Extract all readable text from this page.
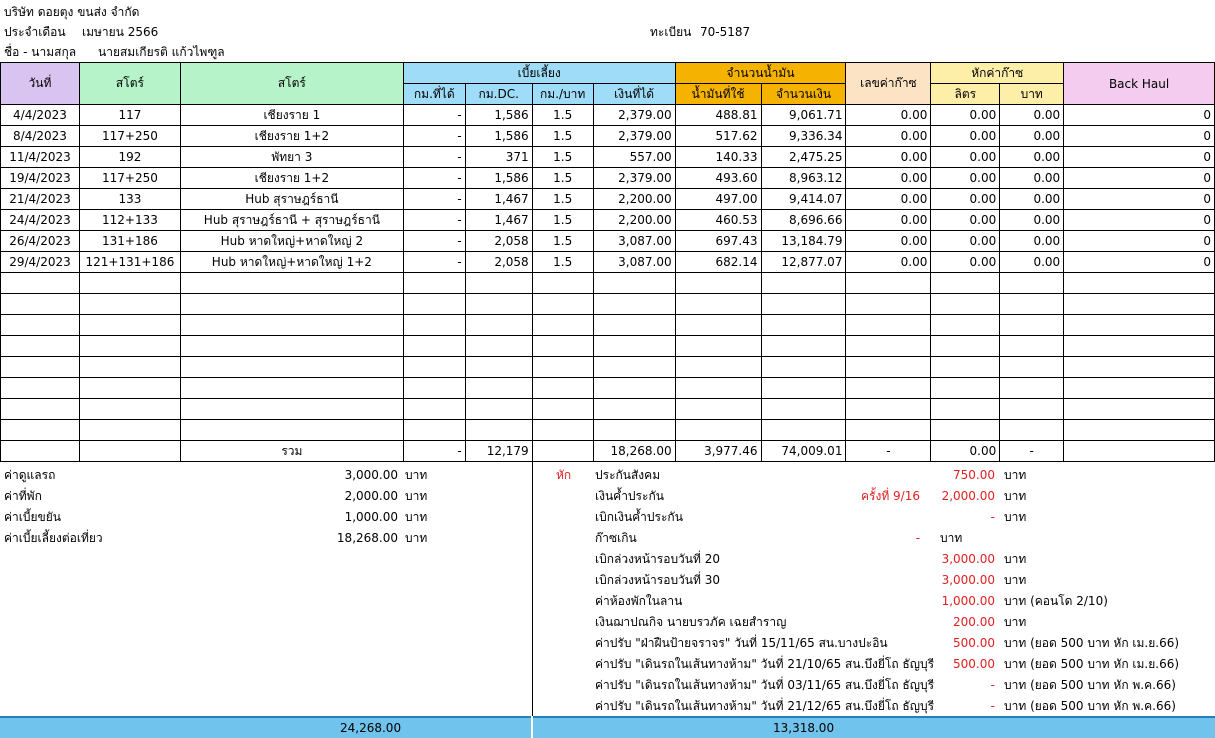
บริษัท ดอยตุง ขนส่ง จำกัด
ประจำเดือน เมษายน 2566	ทะเบียน 70-5187
ชื่อ - นามสกุล นายสมเกียรติ แก้วไพฑูล
วันที่	สโตร์	สโตร์	เบี้ยเลี้ยง				จำนวนน้ำมัน		เลขค่าก๊าซ	หักค่าก๊าซ		Back Haul
			กม.ที่ได้	กม.DC.	กม./บาท	เงินที่ได้	น้ำมันที่ใช้	จำนวนเงิน		ลิตร	บาท	
4/4/2023	117	เชียงราย 1	-	1,586	1.5	2,379.00	488.81	9,061.71	0.00	0.00	0.00	0
8/4/2023	117+250	เชียงราย 1+2	-	1,586	1.5	2,379.00	517.62	9,336.34	0.00	0.00	0.00	0
11/4/2023	192	พัทยา 3	-	371	1.5	557.00	140.33	2,475.25	0.00	0.00	0.00	0
19/4/2023	117+250	เชียงราย 1+2	-	1,586	1.5	2,379.00	493.60	8,963.12	0.00	0.00	0.00	0
21/4/2023	133	Hub สุราษฎร์ธานี	-	1,467	1.5	2,200.00	497.00	9,414.07	0.00	0.00	0.00	0
24/4/2023	112+133	Hub สุราษฎร์ธานี + สุราษฎร์ธานี	-	1,467	1.5	2,200.00	460.53	8,696.66	0.00	0.00	0.00	0
26/4/2023	131+186	Hub หาดใหญ่+หาดใหญ่ 2	-	2,058	1.5	3,087.00	697.43	13,184.79	0.00	0.00	0.00	0
29/4/2023	121+131+186	Hub หาดใหญ่+หาดใหญ่ 1+2	-	2,058	1.5	3,087.00	682.14	12,877.07	0.00	0.00	0.00	0

		รวม	-	12,179		18,268.00	3,977.46	74,009.01	-	0.00	-	
ค่าดูแลรถ	3,000.00 บาท
ค่าที่พัก	2,000.00 บาท
ค่าเบี้ยขยัน	1,000.00 บาท
ค่าเบี้ยเลี้ยงต่อเที่ยว	18,268.00 บาท
หัก ประกันสังคม	750.00 บาท
เงินค้ำประกัน	ครั้งที่ 9/16 2,000.00 บาท
เบิกเงินค้ำประกัน	- บาท
ก๊าซเกิน	- บาท
เบิกล่วงหน้ารอบวันที่ 20	3,000.00 บาท
เบิกล่วงหน้ารอบวันที่ 30	3,000.00 บาท
ค่าห้องพักในลาน	1,000.00 บาท (คอนโด 2/10)
เงินฌาปณกิจ นายบรวภัค เฉยสำราญ	200.00 บาท
ค่าปรับ "ฝ่าฝืนป้ายจราจร" วันที่ 15/11/65 สน.บางปะอิน	500.00 บาท (ยอด 500 บาท หัก เม.ย.66)
ค่าปรับ "เดินรถในเส้นทางห้าม" วันที่ 21/10/65 สน.บึงยี่โถ ธัญบุรี 500.00 บาท (ยอด 500 บาท หัก เม.ย.66)
ค่าปรับ "เดินรถในเส้นทางห้าม" วันที่ 03/11/65 สน.บึงยี่โถ ธัญบุรี	- บาท (ยอด 500 บาท หัก พ.ค.66)
ค่าปรับ "เดินรถในเส้นทางห้าม" วันที่ 21/12/65 สน.บึงยี่โถ ธัญบุรี	- บาท (ยอด 500 บาท หัก พ.ค.66)
24,268.00	13,318.00
